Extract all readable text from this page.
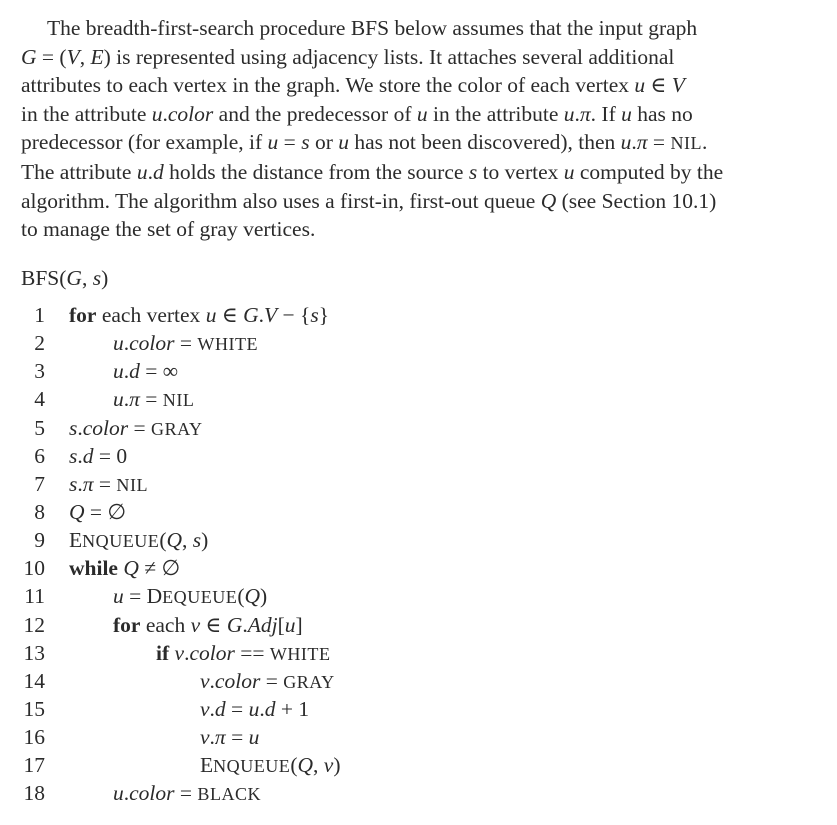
The breadth-first-search procedure BFS below assumes that the input graph
G = (V, E) is represented using adjacency lists. It attaches several additional
attributes to each vertex in the graph. We store the color of each vertex u ∈ V
in the attribute u.color and the predecessor of u in the attribute u.π. If u has no
predecessor (for example, if u = s or u has not been discovered), then u.π = NIL.
The attribute u.d holds the distance from the source s to vertex u computed by the
algorithm. The algorithm also uses a first-in, first-out queue Q (see Section 10.1)
to manage the set of gray vertices.
BFS(G, s)
1 for each vertex u ∈ G.V − {s}
2	u.color = WHITE
3	u.d = ∞
4	u.π = NIL
5 s.color = GRAY
6 s.d = 0
7 s.π = NIL
8 Q = ∅
9 ENQUEUE(Q, s)
10 while Q ≠ ∅
11	u = DEQUEUE(Q)
12	for each v ∈ G.Adj[u]
13	if v.color == WHITE
14	v.color = GRAY
15	v.d = u.d + 1
16	v.π = u
17	ENQUEUE(Q, v)
18	u.color = BLACK
